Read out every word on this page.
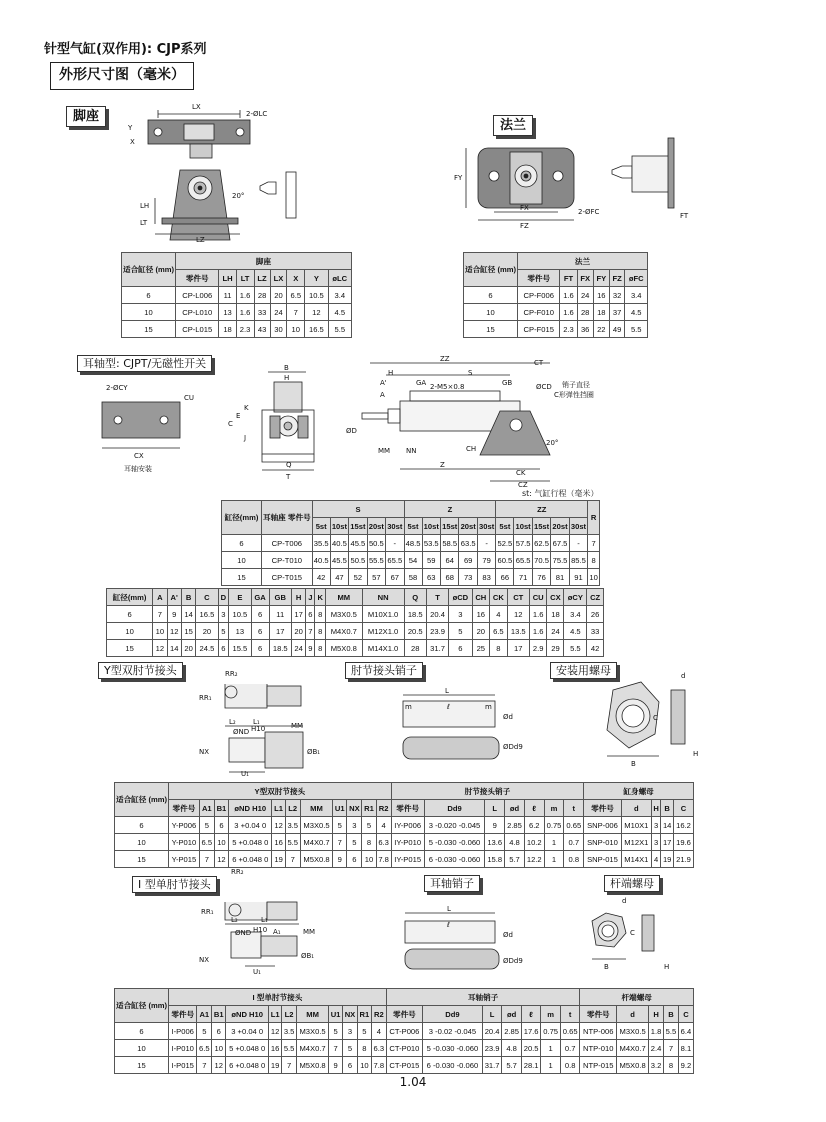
针型气缸(双作用): CJP系列
外形尺寸图（毫米）
脚座
LX
2-ØLC
Y
X
LH
LT
LZ
20°
法兰
FY
FX
FZ
2-ØFC	FT
适合缸径 (mm)	脚座							
	零件号	LH	LT	LZ	LX	X	Y	øLC
6	CP-L006	11	1.6	28	20	6.5	10.5	3.4
10	CP-L010	13	1.6	33	24	7	12	4.5
15	CP-L015	18	2.3	43	30	10	16.5	5.5
适合缸径 (mm)	法兰					
	零件号	FT	FX	FY	FZ	øFC
6	CP-F006	1.6	24	16	32	3.4
10	CP-F010	1.6	28	18	37	4.5
15	CP-F015	2.3	36	22	49	5.5
耳轴型: CJPT/无磁性开关
2-ØCY
CU
CX
耳轴安装
B
H
K
E
C
J
Q
T
ZZ	CT
H	S
GB
GA
A'	2-M5×0.8
A
ØCD 销子直径
C形弹性挡圈
ØD
MM NN	CH
20°
Z
CK
CZ
st: 气缸行程（毫米）
缸径(mm)	耳轴座 零件号	S					Z					ZZ					R
		5st	10st	15st	20st	30st	5st	10st	15st	20st	30st	5st	10st	15st	20st	30st	
6	CP-T006	35.5	40.5	45.5	50.5	-	48.5	53.5	58.5	63.5	-	52.5	57.5	62.5	67.5	-	7
10	CP-T010	40.5	45.5	50.5	55.5	65.5	54	59	64	69	79	60.5	65.5	70.5	75.5	85.5	8
15	CP-T015	42	47	52	57	67	58	63	68	73	83	66	71	76	81	91	10
缸径(mm)	A	A'	B	C	D	E	GA	GB	H	J	K	MM	NN	Q	T	øCD	CH	CK	CT	CU	CX	øCY	CZ
6	7	9	14	16.5	3	10.5	6	11	17	6	8	M3X0.5	M10X1.0	18.5	20.4	3	16	4	12	1.6	18	3.4	26
10	10	12	15	20	5	13	6	17	20	7	8	M4X0.7	M12X1.0	20.5	23.9	5	20	6.5	13.5	1.6	24	4.5	33
15	12	14	20	24.5	6	15.5	6	18.5	24	9	8	M5X0.8	M14X1.0	28	31.7	6	25	8	17	2.9	29	5.5	42
Y型双肘节接头	RR₂
RR₁
L₂ L₁
ØND H10	MM
NX	ØB₁
U₁
肘节接头销子
L
m	ℓ	m
Ød
ØDd9
安装用螺母	d
C
B
H
适合缸径 (mm)	Y型双肘节接头											肘节接头销子							缸身螺母				
	零件号	A1	B1	øND H10	L1	L2	MM	U1	NX	R1	R2	零件号	Dd9	L	ød	ℓ	m	t	零件号	d	H	B	C
6	Y-P006	5	6	3 +0.04 0	12	3.5	M3X0.5	5	3	5	4	IY-P006	3 -0.020 -0.045	9	2.85	6.2	0.75	0.65	SNP-006	M10X1	3	14	16.2
10	Y-P010	6.5	10	5 +0.048 0	16	5.5	M4X0.7	7	5	8	6.3	IY-P010	5 -0.030 -0.060	13.6	4.8	10.2	1	0.7	SNP-010	M12X1	3	17	19.6
15	Y-P015	7	12	6 +0.048 0	19	7	M5X0.8	9	6	10	7.8	IY-P015	6 -0.030 -0.060	15.8	5.7	12.2	1	0.8	SNP-015	M14X1	4	19	21.9
I 型单肘节接头
RR₂
RR₁
L₂	L₁
ØND H10 A₁	MM
NX	ØB₁
U₁
耳轴销子
L
ℓ
Ød
ØDd9
杆端螺母
d
C
B	H
适合缸径 (mm)	I 型单肘节接头											耳轴销子							杆端螺母				
	零件号	A1	B1	øND H10	L1	L2	MM	U1	NX	R1	R2	零件号	Dd9	L	ød	ℓ	m	t	零件号	d	H	B	C
6	I-P006	5	6	3 +0.04 0	12	3.5	M3X0.5	5	3	5	4	CT-P006	3 -0.02 -0.045	20.4	2.85	17.6	0.75	0.65	NTP-006	M3X0.5	1.8	5.5	6.4
10	I-P010	6.5	10	5 +0.048 0	16	5.5	M4X0.7	7	5	8	6.3	CT-P010	5 -0.030 -0.060	23.9	4.8	20.5	1	0.7	NTP-010	M4X0.7	2.4	7	8.1
15	I-P015	7	12	6 +0.048 0	19	7	M5X0.8	9	6	10	7.8	CT-P015	6 -0.030 -0.060	31.7	5.7	28.1	1	0.8	NTP-015	M5X0.8	3.2	8	9.2
1.04
